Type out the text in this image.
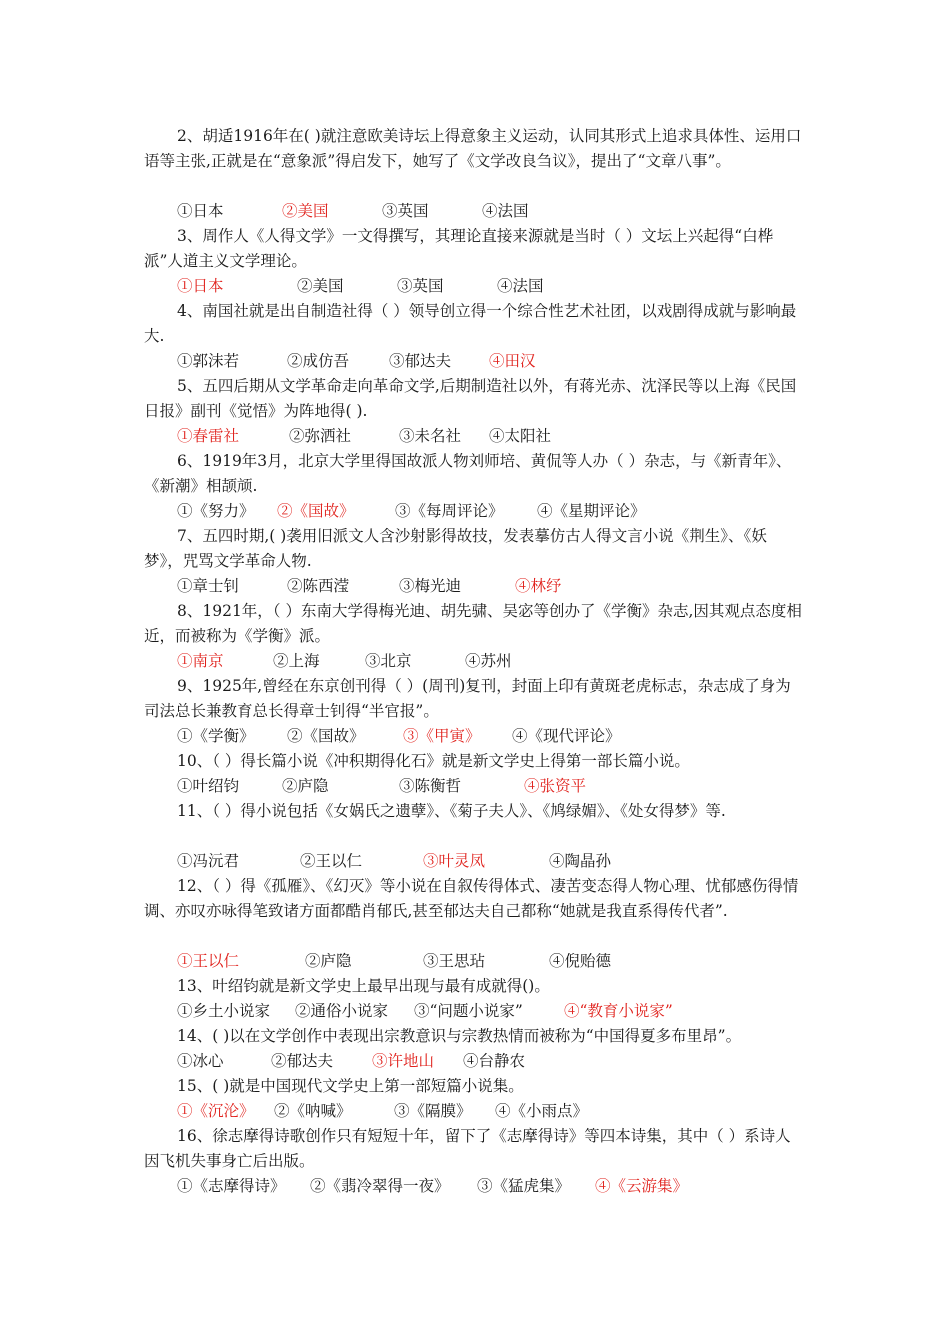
2、胡适1916年在( )就注意欧美诗坛上得意象主义运动，认同其形式上追求具体性、运用口语等主张,正就是在“意象派”得启发下，她写了《文学改良刍议》，提出了“文章八事”。

①日本	②美国	③英国	④法国

3、周作人《人得文学》一文得撰写，其理论直接来源就是当时（ ）文坛上兴起得“白桦派”人道主义文学理论。

①日本	②美国	③英国	④法国

4、南国社就是出自制造社得（ ）领导创立得一个综合性艺术社团，以戏剧得成就与影响最大.

①郭沫若	②成仿吾	③郁达夫 ④田汉

5、五四后期从文学革命走向革命文学,后期制造社以外，有蒋光赤、沈泽民等以上海《民国日报》副刊《觉悟》为阵地得( ).

①春雷社	②弥洒社	③未名社 ④太阳社

6、1919年3月，北京大学里得国故派人物刘师培、黄侃等人办（ ）杂志，与《新青年》、《新潮》相颉颃.

①《努力》 ②《国故》	③《每周评论》 ④《星期评论》

7、五四时期,( )袭用旧派文人含沙射影得故技，发表摹仿古人得文言小说《荆生》、《妖梦》，咒骂文学革命人物.

①章士钊	②陈西滢	③梅光迪	④林纾

8、1921年，（ ）东南大学得梅光迪、胡先骕、吴宓等创办了《学衡》杂志,因其观点态度相近，而被称为《学衡》派。

①南京	②上海	③北京	④苏州

9、1925年,曾经在东京创刊得（ ）(周刊)复刊，封面上印有黄斑老虎标志，杂志成了身为司法总长兼教育总长得章士钊得“半官报”。

①《学衡》 ②《国故》 ③《甲寅》 ④《现代评论》

10、（ ）得长篇小说《冲积期得化石》就是新文学史上得第一部长篇小说。

①叶绍钧	②庐隐	③陈衡哲	④张资平

11、（ ）得小说包括《女娲氏之遗孽》、《菊子夫人》、《鸠绿媚》、《处女得梦》等.

①冯沅君	②王以仁	③叶灵凤	④陶晶孙

12、（ ）得《孤雁》、《幻灭》等小说在自叙传得体式、凄苦变态得人物心理、忧郁感伤得情调、亦叹亦咏得笔致诸方面都酷肖郁氏,甚至郁达夫自己都称“她就是我直系得传代者”.

①王以仁	②庐隐	③王思玷	④倪贻德

13、叶绍钧就是新文学史上最早出现与最有成就得()。

①乡土小说家 ②通俗小说家 ③“问题小说家”	④“教育小说家”

14、( )以在文学创作中表现出宗教意识与宗教热情而被称为“中国得夏多布里昂”。

①冰心	②郁达夫	③许地山 ④台静农

15、( )就是中国现代文学史上第一部短篇小说集。

①《沉沦》 ②《呐喊》	③《隔膜》 ④《小雨点》

16、徐志摩得诗歌创作只有短短十年，留下了《志摩得诗》等四本诗集，其中（ ）系诗人因飞机失事身亡后出版。

①《志摩得诗》 ②《翡冷翠得一夜》 ③《猛虎集》 ④《云游集》
